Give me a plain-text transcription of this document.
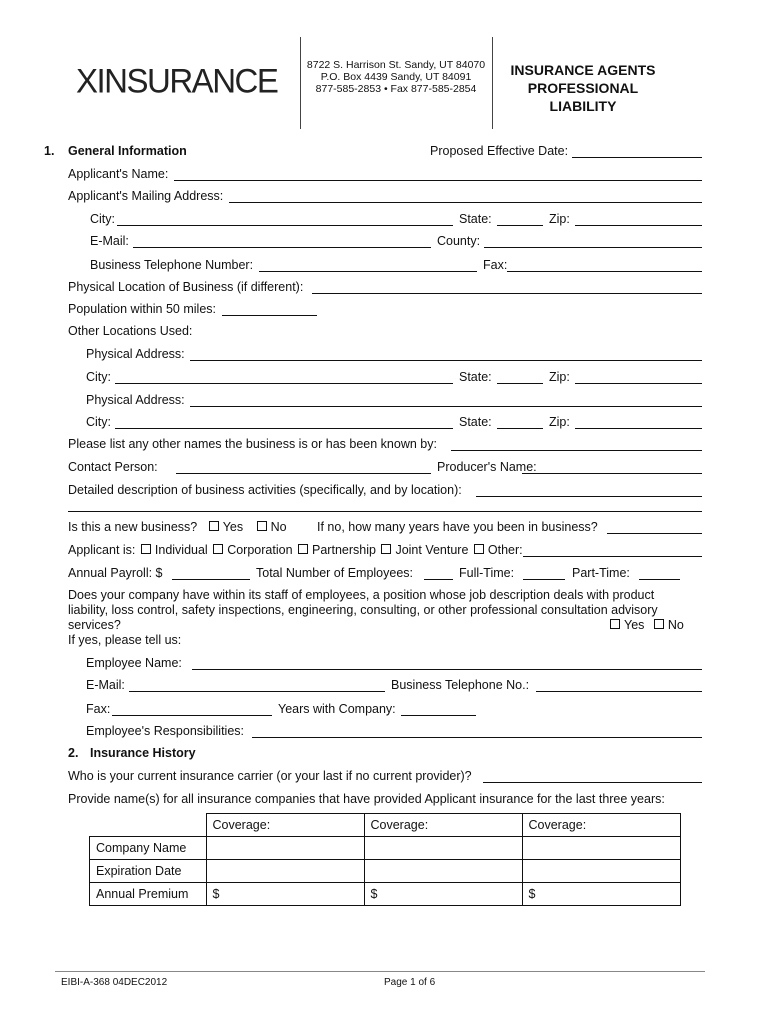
XINSURANCE	8722 S. Harrison St. Sandy, UT 84070
P.O. Box 4439 Sandy, UT 84091
877-585-2853 • Fax 877-585-2854
INSURANCE AGENTS
PROFESSIONAL
LIABILITY
1. General Information	Proposed Effective Date:
Applicant's Name:
Applicant's Mailing Address:
City:	State:	Zip:
E-Mail:	County:
Business Telephone Number:	Fax:
Physical Location of Business (if different):
Population within 50 miles:
Other Locations Used:
Physical Address:
City:	State:	Zip:
Physical Address:
City:	State:	Zip:
Please list any other names the business is or has been known by:
Contact Person:	Producer's Name:
Detailed description of business activities (specifically, and by location):
Is this a new business? Yes No If no, how many years have you been in business?
Applicant is: Individual Corporation Partnership Joint Venture Other:
Annual Payroll: $	Total Number of Employees:	Full-Time:	Part-Time:
Does your company have within its staff of employees, a position whose job description deals with product
liability, loss control, safety inspections, engineering, consulting, or other professional consultation advisory
services?	Yes No
If yes, please tell us:
Employee Name:
E-Mail:	Business Telephone No.:
Fax:	Years with Company:
Employee's Responsibilities:
2. Insurance History
Who is your current insurance carrier (or your last if no current provider)?
Provide name(s) for all insurance companies that have provided Applicant insurance for the last three years:
	Coverage:	Coverage:	Coverage:
Company Name			
Expiration Date			
Annual Premium	$	$	$
EIBI-A-368 04DEC2012	Page 1 of 6
